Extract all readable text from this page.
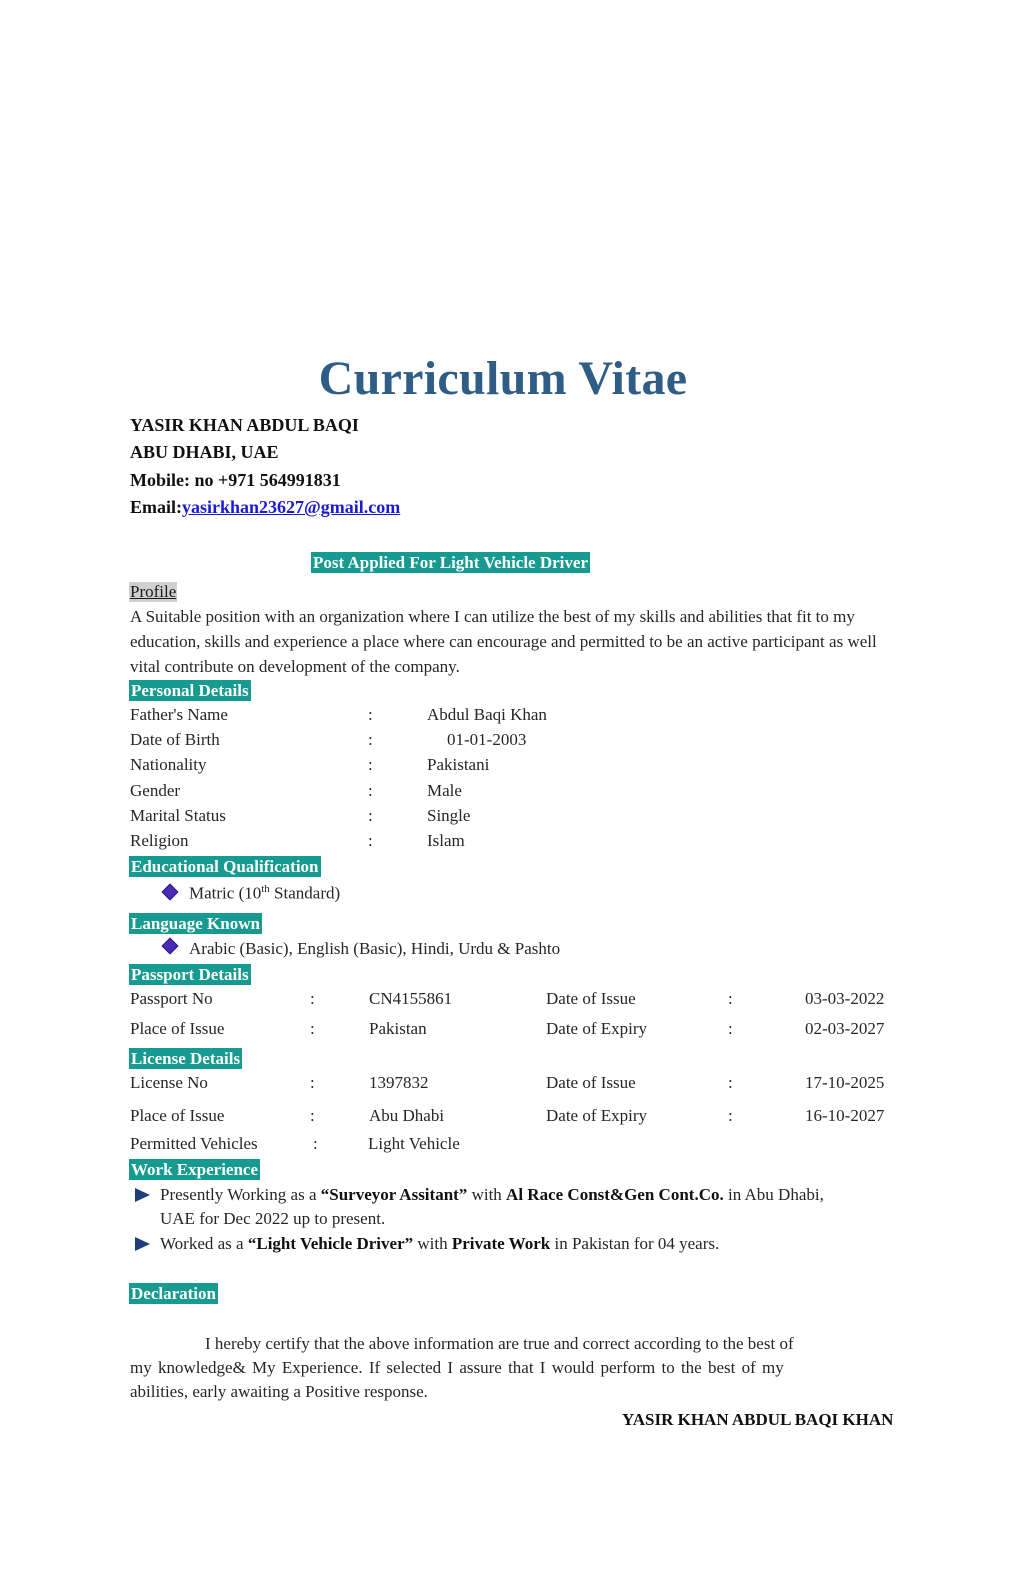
Curriculum Vitae
YASIR KHAN ABDUL BAQI
ABU DHABI, UAE
Mobile: no +971 564991831
Email:yasirkhan23627@gmail.com
Post Applied For Light Vehicle Driver
Profile
A Suitable position with an organization where I can utilize the best of my skills and abilities that fit to my education, skills and experience a place where can encourage and permitted to be an active participant as well vital contribute on development of the company.
Personal Details
Father's Name	:	Abdul Baqi Khan
Date of Birth	:	01-01-2003
Nationality	:	Pakistani
Gender	:	Male
Marital Status	:	Single
Religion	:	Islam
Educational Qualification
Matric (10th Standard)
Language Known
Arabic (Basic), English (Basic), Hindi, Urdu & Pashto
Passport Details
Passport No	:	CN4155861	Date of Issue	:	03-03-2022
Place of Issue	:	Pakistan	Date of Expiry	:	02-03-2027
License Details
License No	:	1397832	Date of Issue	:	17-10-2025
Place of Issue	:	Abu Dhabi	Date of Expiry	:	16-10-2027
Permitted Vehicles	:	Light Vehicle
Work Experience
Presently Working as a “Surveyor Assitant” with Al Race Const&Gen Cont.Co. in Abu Dhabi,
UAE for Dec 2022 up to present.
Worked as a “Light Vehicle Driver” with Private Work in Pakistan for 04 years.
Declaration
I hereby certify that the above information are true and correct according to the best of
my knowledge& My Experience. If selected I assure that I would perform to the best of my
abilities, early awaiting a Positive response.
YASIR KHAN ABDUL BAQI KHAN
